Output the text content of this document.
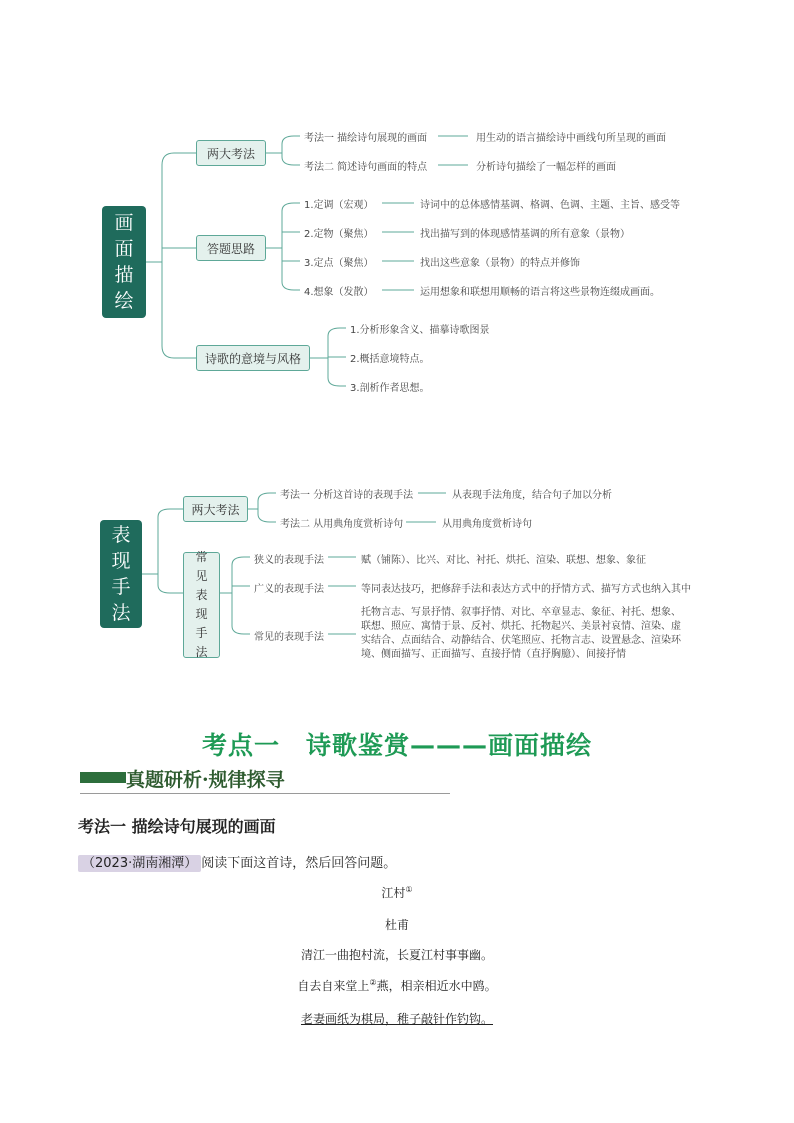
画
面
描
绘
两大考法
考法一 描绘诗句展现的画面	用生动的语言描绘诗中画线句所呈现的画面
考法二 简述诗句画面的特点	分析诗句描绘了一幅怎样的画面
答题思路
1.定调（宏观）	诗词中的总体感情基调、格调、色调、主题、主旨、感受等
2.定物（聚焦）	找出描写到的体现感情基调的所有意象（景物）
3.定点（聚焦）	找出这些意象（景物）的特点并修饰
4.想象（发散）	运用想象和联想用顺畅的语言将这些景物连缀成画面。
诗歌的意境与风格
1.分析形象含义、描摹诗歌图景
2.概括意境特点。
3.剖析作者思想。
表
现
手
法
两大考法
考法一 分析这首诗的表现手法	从表现手法角度，结合句子加以分析
考法二 从用典角度赏析诗句	从用典角度赏析诗句
常
见
表
现
手
法
狭义的表现手法	赋（铺陈）、比兴、对比、衬托、烘托、渲染、联想、想象、象征
广义的表现手法	等同表达技巧，把修辞手法和表达方式中的抒情方式、描写方式也纳入其中
常见的表现手法
托物言志、写景抒情、叙事抒情、对比、卒章显志、象征、衬托、想象、联想、照应、寓情于景、反衬、烘托、托物起兴、美景衬哀情、渲染、虚实结合、点面结合、动静结合、伏笔照应、托物言志、设置悬念、渲染环境、侧面描写、正面描写、直接抒情（直抒胸臆）、间接抒情
考点一　诗歌鉴赏———画面描绘
真题研析·规律探寻
考法一 描绘诗句展现的画面
（2023·湖南湘潭） 阅读下面这首诗，然后回答问题。
江村①
杜甫
清江一曲抱村流，长夏江村事事幽。
自去自来堂上②燕，相亲相近水中鸥。
老妻画纸为棋局，稚子敲针作钓钩。
